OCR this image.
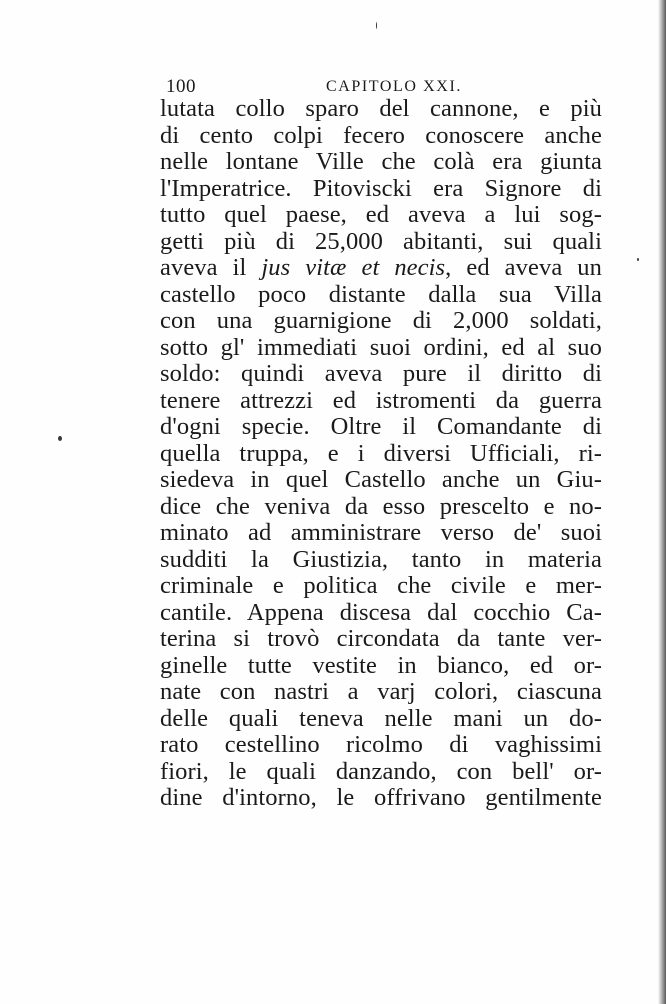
100	CAPITOLO XXI.
lutata collo sparo del cannone, e più
di cento colpi fecero conoscere anche
nelle lontane Ville che colà era giunta
l'Imperatrice. Pitoviscki era Signore di
tutto quel paese, ed aveva a lui sog-
getti più di 25,000 abitanti, sui quali
aveva il jus vitæ et necis, ed aveva un
castello poco distante dalla sua Villa
con una guarnigione di 2,000 soldati,
sotto gl' immediati suoi ordini, ed al suo
soldo: quindi aveva pure il diritto di
tenere attrezzi ed istromenti da guerra
d'ogni specie. Oltre il Comandante di
quella truppa, e i diversi Ufficiali, ri-
siedeva in quel Castello anche un Giu-
dice che veniva da esso prescelto e no-
minato ad amministrare verso de' suoi
sudditi la Giustizia, tanto in materia
criminale e politica che civile e mer-
cantile. Appena discesa dal cocchio Ca-
terina si trovò circondata da tante ver-
ginelle tutte vestite in bianco, ed or-
nate con nastri a varj colori, ciascuna
delle quali teneva nelle mani un do-
rato cestellino ricolmo di vaghissimi
fiori, le quali danzando, con bell' or-
dine d'intorno, le offrivano gentilmente
